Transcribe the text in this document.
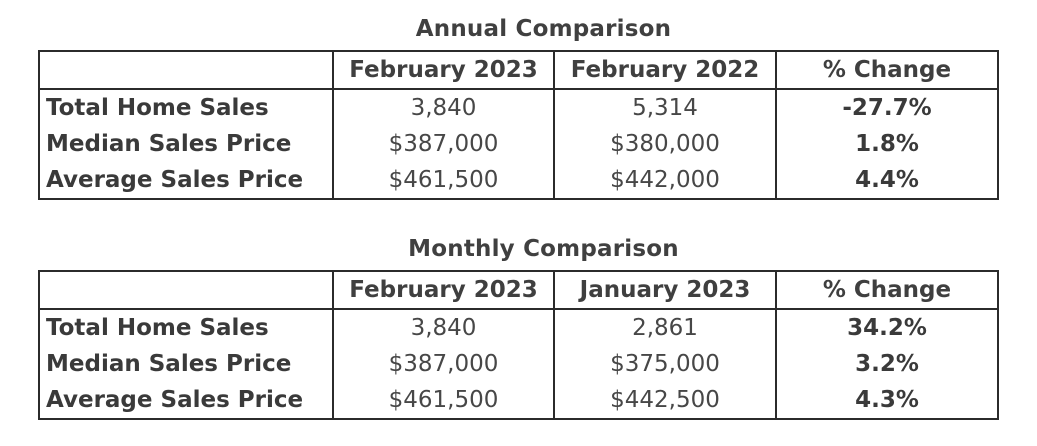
Annual Comparison
	February 2023	February 2022	% Change
Total Home Sales	3,840	5,314	-27.7%
Median Sales Price	$387,000	$380,000	1.8%
Average Sales Price	$461,500	$442,000	4.4%
Monthly Comparison
	February 2023	January 2023	% Change
Total Home Sales	3,840	2,861	34.2%
Median Sales Price	$387,000	$375,000	3.2%
Average Sales Price	$461,500	$442,500	4.3%
